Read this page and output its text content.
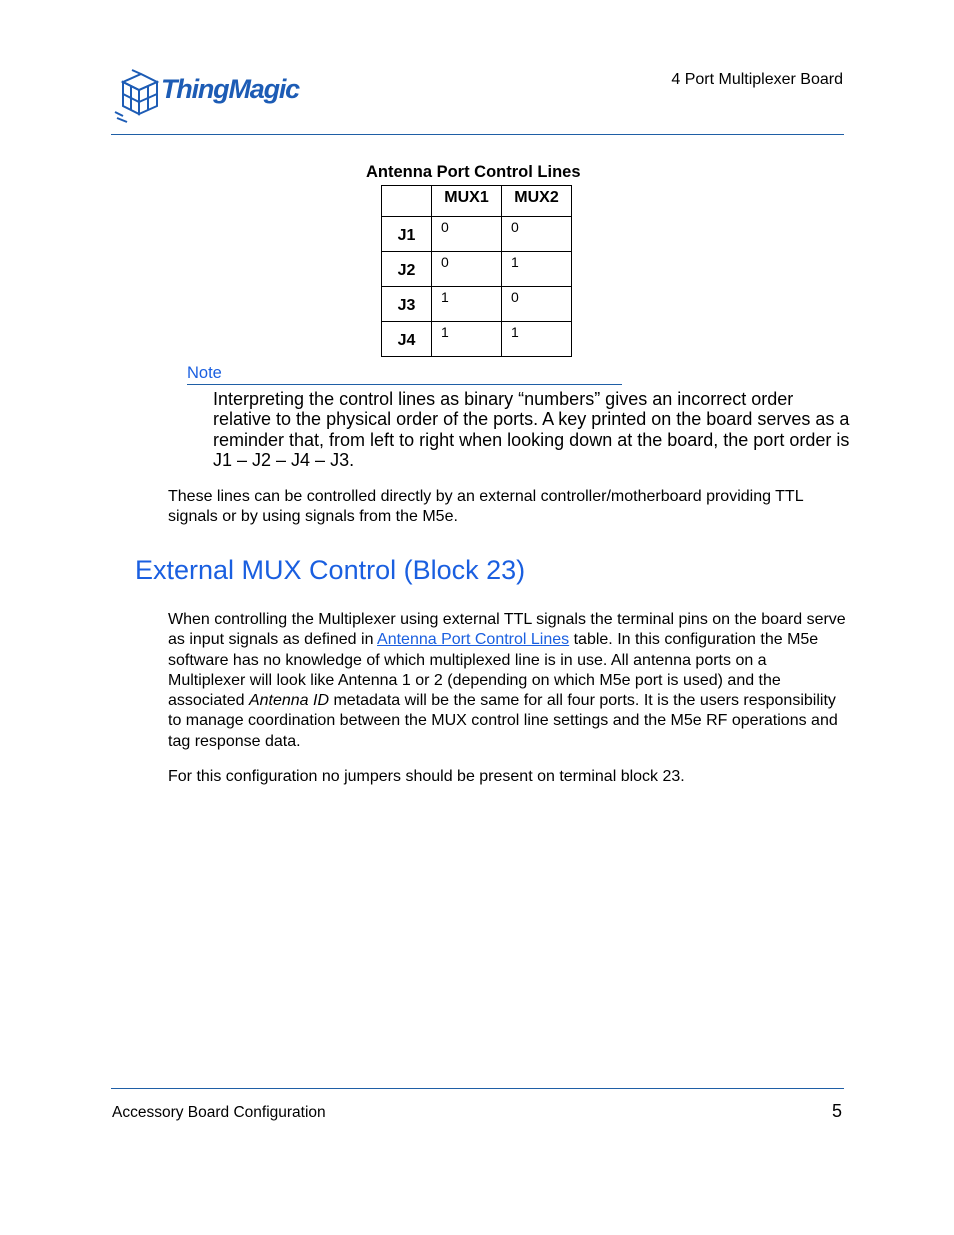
ThingMagic	4 Port Multiplexer Board
Antenna Port Control Lines
	MUX1	MUX2
J1	0	0
J2	0	1
J3	1	0
J4	1	1
Note
Interpreting the control lines as binary “numbers” gives an incorrect order relative to the physical order of the ports. A key printed on the board serves as a reminder that, from left to right when looking down at the board, the port order is J1 – J2 – J4 – J3.
These lines can be controlled directly by an external controller/motherboard providing TTL signals or by using signals from the M5e.
External MUX Control (Block 23)
When controlling the Multiplexer using external TTL signals the terminal pins on the board serve as input signals as defined in Antenna Port Control Lines table. In this configuration the M5e software has no knowledge of which multiplexed line is in use. All antenna ports on a Multiplexer will look like Antenna 1 or 2 (depending on which M5e port is used) and the associated Antenna ID metadata will be the same for all four ports. It is the users responsibility to manage coordination between the MUX control line settings and the M5e RF operations and tag response data.
For this configuration no jumpers should be present on terminal block 23.
Accessory Board Configuration	5
